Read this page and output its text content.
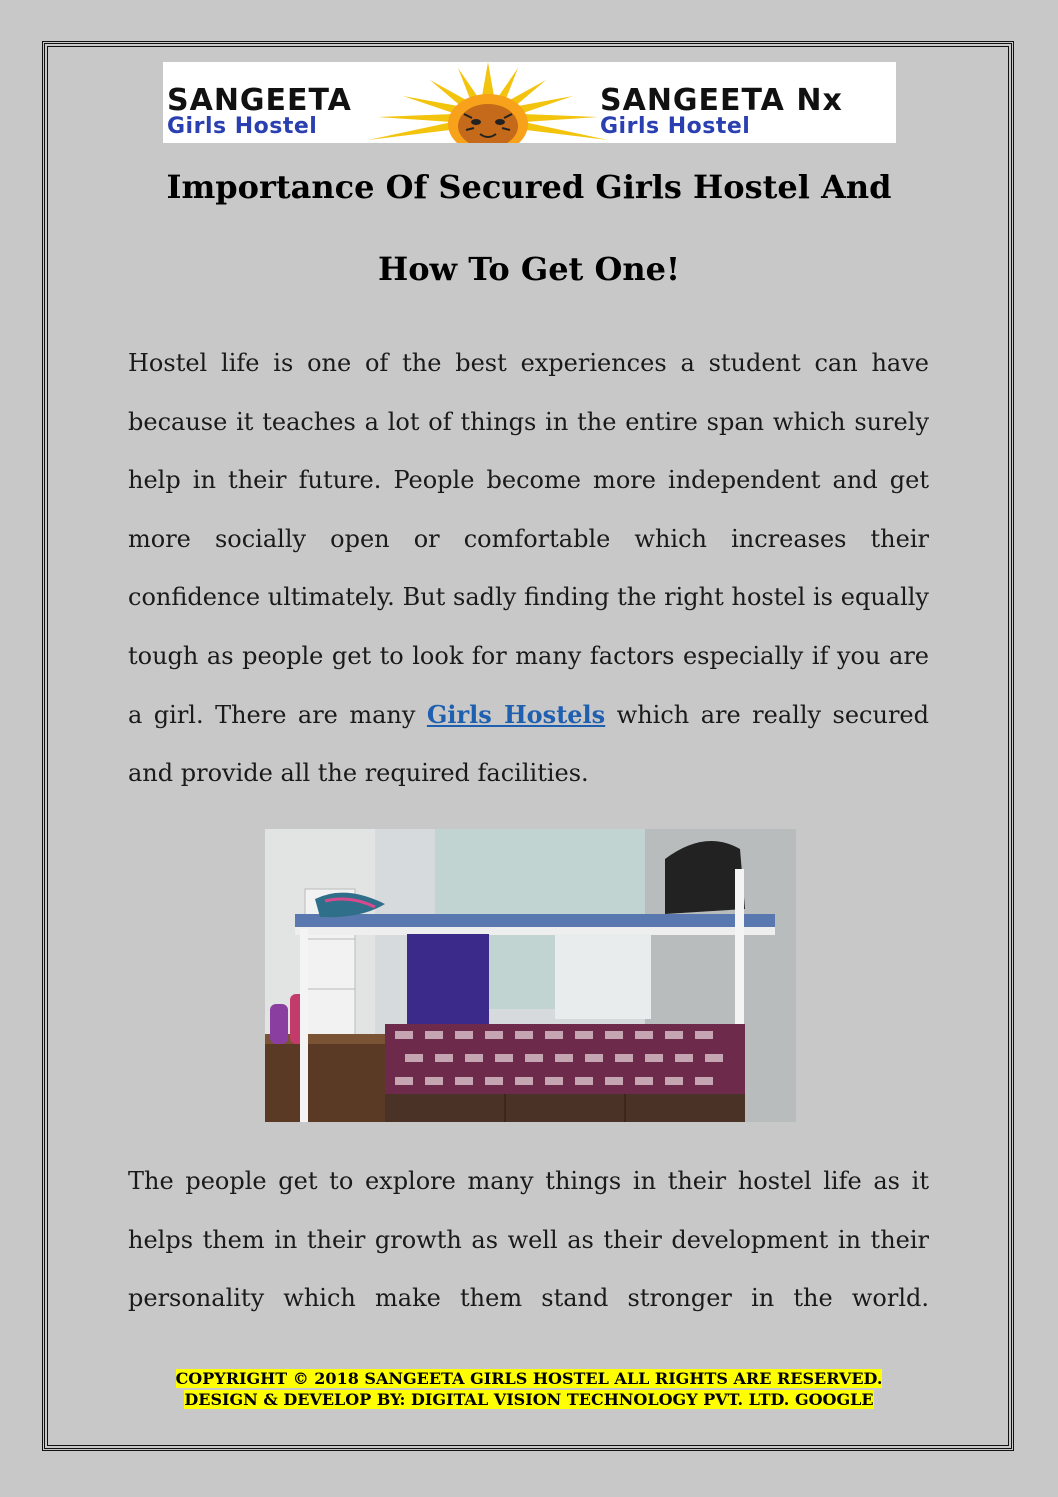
SANGEETA
Girls Hostel
SANGEETA Nx
Girls Hostel
Importance Of Secured Girls Hostel And
How To Get One!

Hostel life is one of the best experiences a student can have because it teaches a lot of things in the entire span which surely help in their future. People become more independent and get more socially open or comfortable which increases their confidence ultimately. But sadly finding the right hostel is equally tough as people get to look for many factors especially if you are a girl. There are many Girls Hostels which are really secured and provide all the required facilities.

The people get to explore many things in their hostel life as it helps them in their growth as well as their development in their personality which make them stand stronger in the world.

COPYRIGHT © 2018 SANGEETA GIRLS HOSTEL ALL RIGHTS ARE RESERVED.
DESIGN & DEVELOP BY: DIGITAL VISION TECHNOLOGY PVT. LTD. GOOGLE
